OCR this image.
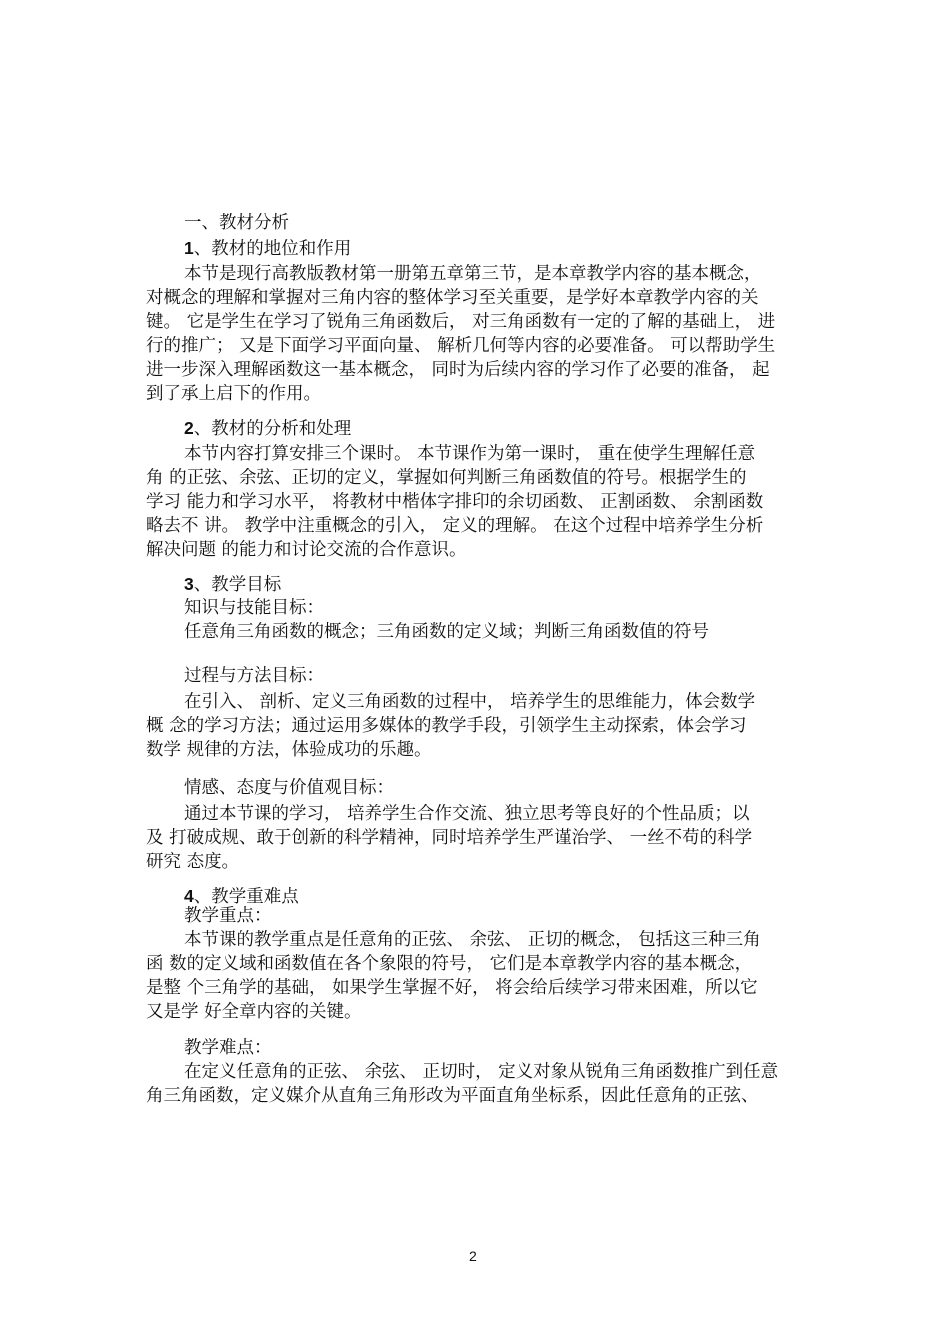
一、教材分析
1、教材的地位和作用
本节是现行高教版教材第一册第五章第三节，是本章教学内容的基本概念，
对概念的理解和掌握对三角内容的整体学习至关重要，是学好本章教学内容的关
键。 它是学生在学习了锐角三角函数后， 对三角函数有一定的了解的基础上， 进
行的推广； 又是下面学习平面向量、 解析几何等内容的必要准备。 可以帮助学生
进一步深入理解函数这一基本概念， 同时为后续内容的学习作了必要的准备， 起
到了承上启下的作用。
2、教材的分析和处理
本节内容打算安排三个课时。 本节课作为第一课时， 重在使学生理解任意
角 的正弦、余弦、正切的定义，掌握如何判断三角函数值的符号。根据学生的
学习 能力和学习水平， 将教材中楷体字排印的余切函数、 正割函数、 余割函数
略去不 讲。 教学中注重概念的引入， 定义的理解。 在这个过程中培养学生分析
解决问题 的能力和讨论交流的合作意识。
3、教学目标
知识与技能目标：
任意角三角函数的概念；三角函数的定义域；判断三角函数值的符号
过程与方法目标：
在引入、 剖析、定义三角函数的过程中， 培养学生的思维能力，体会数学
概 念的学习方法；通过运用多媒体的教学手段，引领学生主动探索，体会学习
数学 规律的方法，体验成功的乐趣。
情感、态度与价值观目标：
通过本节课的学习， 培养学生合作交流、独立思考等良好的个性品质；以
及 打破成规、敢于创新的科学精神，同时培养学生严谨治学、 一丝不苟的科学
研究 态度。
4、教学重难点
教学重点：
本节课的教学重点是任意角的正弦、 余弦、 正切的概念， 包括这三种三角
函 数的定义域和函数值在各个象限的符号， 它们是本章教学内容的基本概念，
是整 个三角学的基础， 如果学生掌握不好， 将会给后续学习带来困难，所以它
又是学 好全章内容的关键。
教学难点：
在定义任意角的正弦、 余弦、 正切时， 定义对象从锐角三角函数推广到任意
角三角函数，定义媒介从直角三角形改为平面直角坐标系，因此任意角的正弦、
2
